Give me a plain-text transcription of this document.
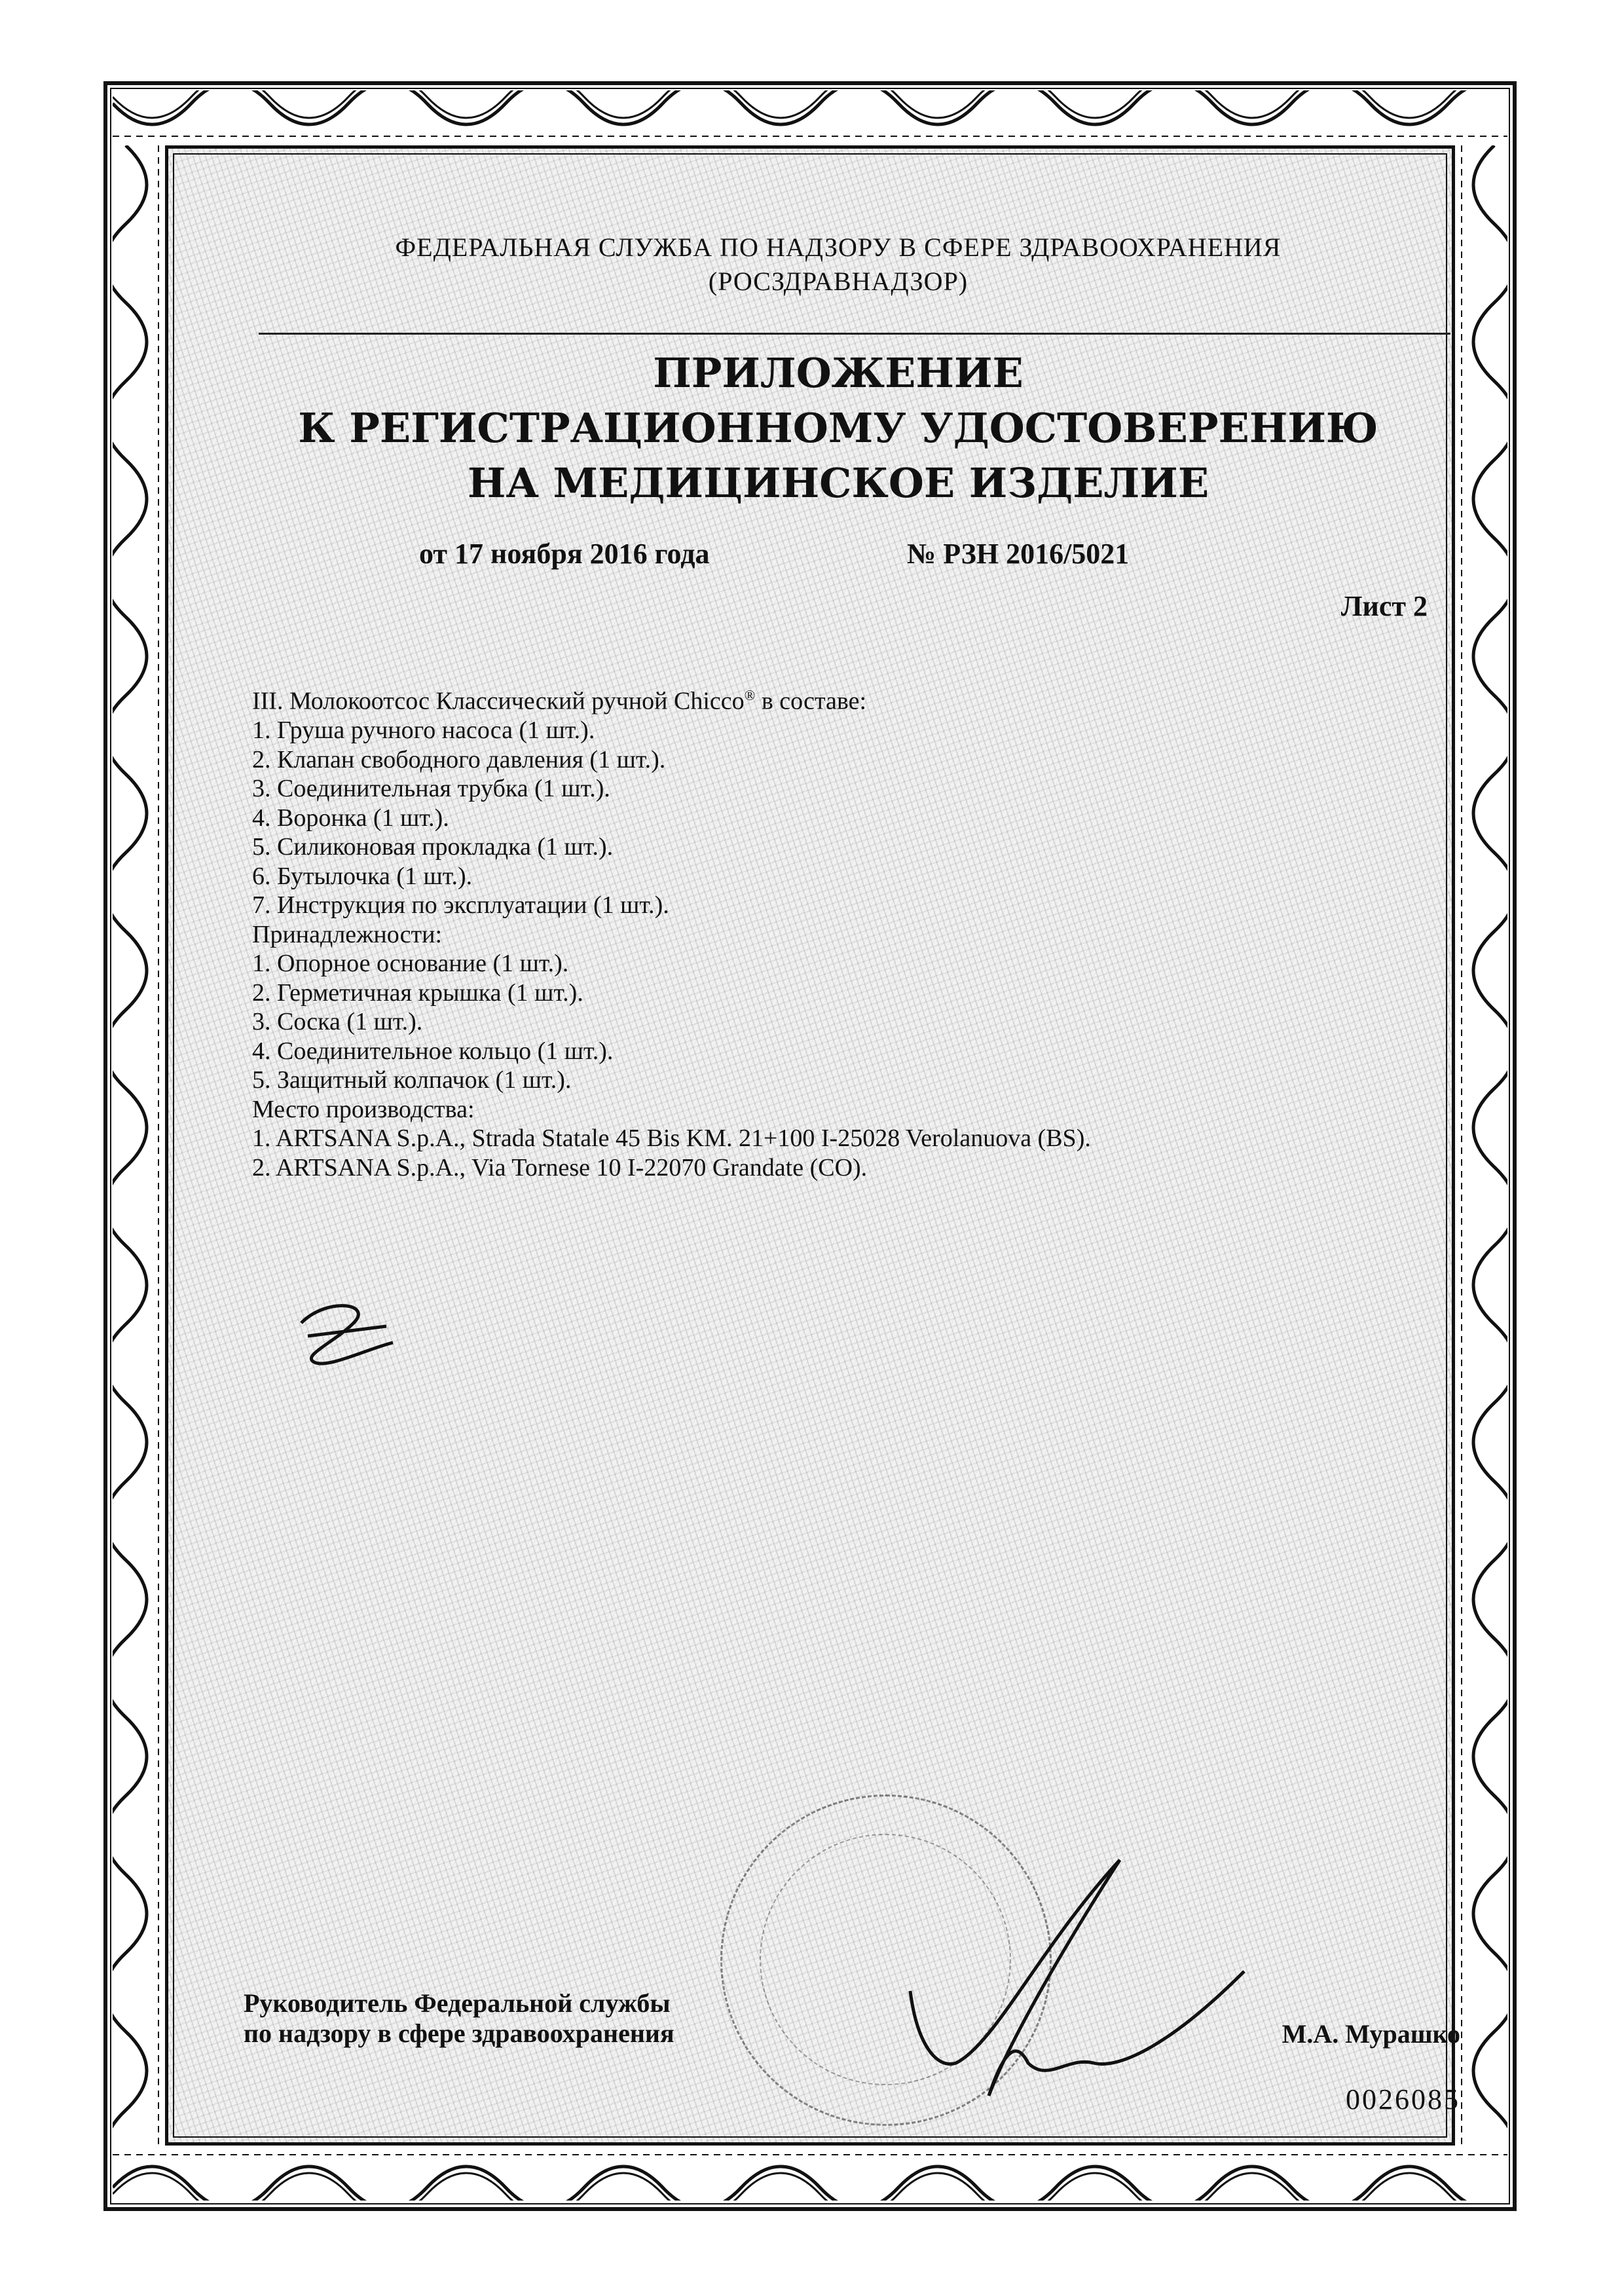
ФЕДЕРАЛЬНАЯ СЛУЖБА ПО НАДЗОРУ В СФЕРЕ ЗДРАВООХРАНЕНИЯ
(РОСЗДРАВНАДЗОР)
ПРИЛОЖЕНИЕ
К РЕГИСТРАЦИОННОМУ УДОСТОВЕРЕНИЮ
НА МЕДИЦИНСКОЕ ИЗДЕЛИЕ
от 17 ноября 2016 года	№ РЗН 2016/5021
Лист 2
III. Молокоотсос Классический ручной Chicco® в составе:
1. Груша ручного насоса (1 шт.).
2. Клапан свободного давления (1 шт.).
3. Соединительная трубка (1 шт.).
4. Воронка (1 шт.).
5. Силиконовая прокладка (1 шт.).
6. Бутылочка (1 шт.).
7. Инструкция по эксплуатации (1 шт.).
Принадлежности:
1. Опорное основание (1 шт.).
2. Герметичная крышка (1 шт.).
3. Соска (1 шт.).
4. Соединительное кольцо (1 шт.).
5. Защитный колпачок (1 шт.).
Место производства:
1. ARTSANA S.p.A., Strada Statale 45 Bis KM. 21+100 I-25028 Verolanuova (BS).
2. ARTSANA S.p.A., Via Tornese 10 I-22070 Grandate (CO).
Руководитель Федеральной службы
по надзору в сфере здравоохранения	М.А. Мурашко
0026085
